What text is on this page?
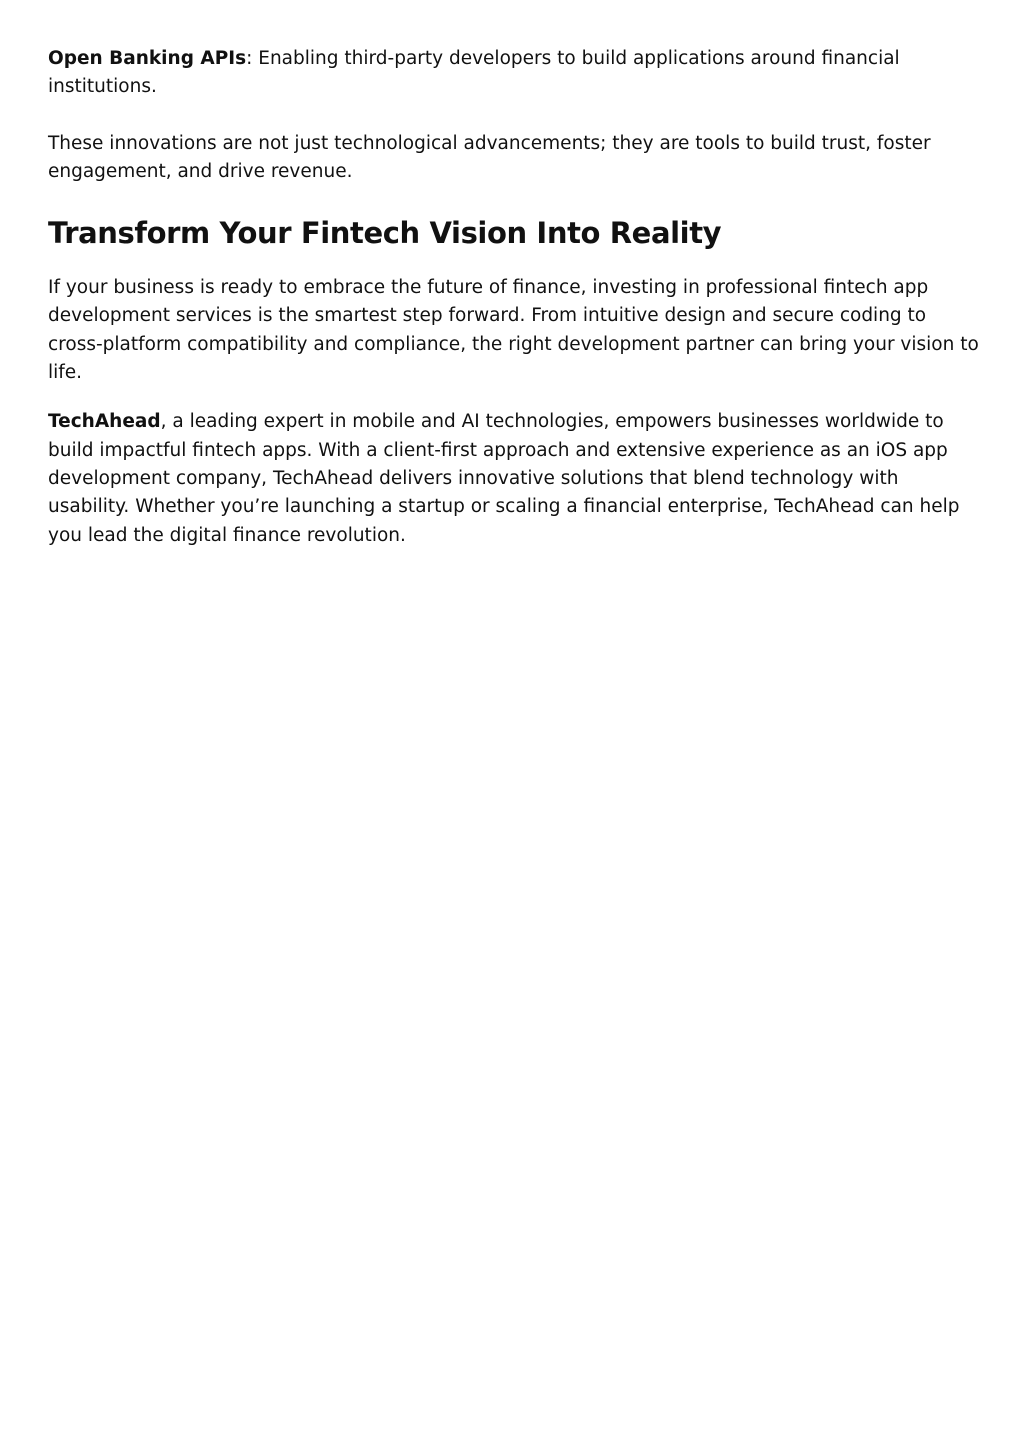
Open Banking APIs: Enabling third-party developers to build applications around financial institutions.

These innovations are not just technological advancements; they are tools to build trust, foster engagement, and drive revenue.

Transform Your Fintech Vision Into Reality

If your business is ready to embrace the future of finance, investing in professional fintech app development services is the smartest step forward. From intuitive design and secure coding to cross-platform compatibility and compliance, the right development partner can bring your vision to life.

TechAhead, a leading expert in mobile and AI technologies, empowers businesses worldwide to build impactful fintech apps. With a client-first approach and extensive experience as an iOS app development company, TechAhead delivers innovative solutions that blend technology with usability. Whether you’re launching a startup or scaling a financial enterprise, TechAhead can help you lead the digital finance revolution.
